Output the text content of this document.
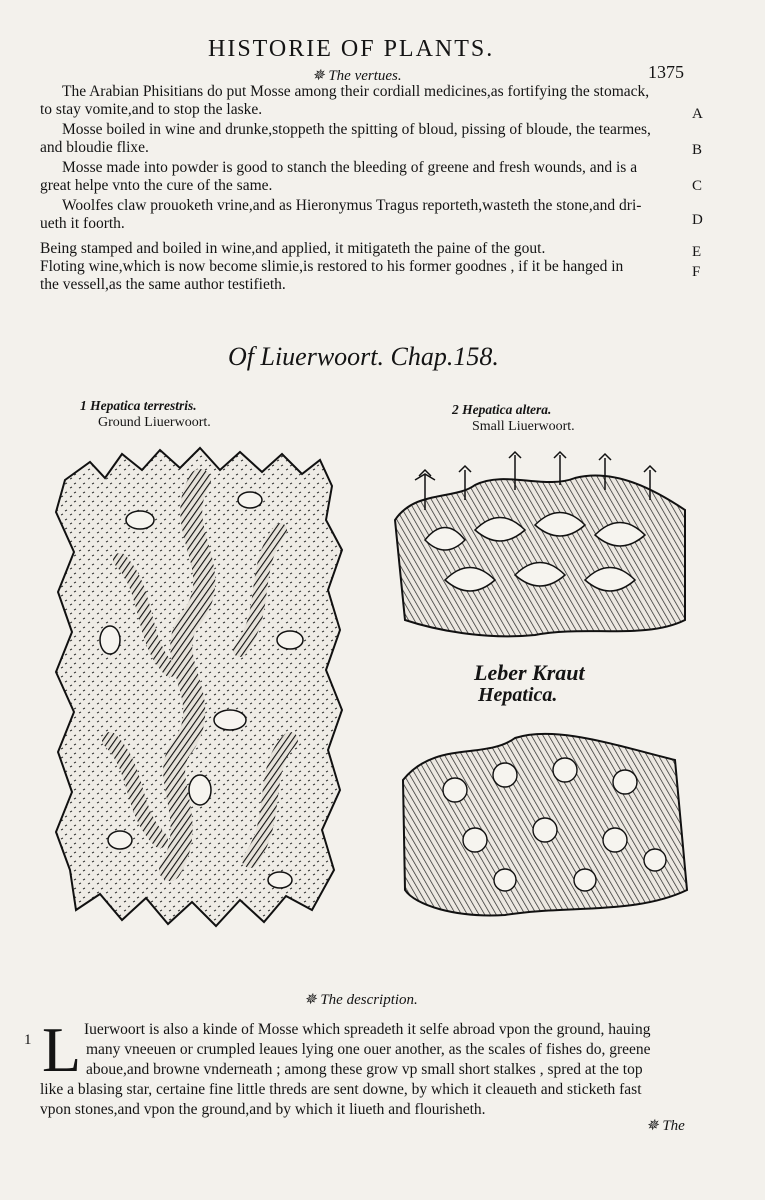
HISTORIE OF PLANTS.
1375
✵ The vertues.
The Arabian Phisitians do put Mosse among their cordiall medicines,as fortifying the stomack,
to stay vomite,and to stop the laske.
Mosse boiled in wine and drunke,stoppeth the spitting of bloud, pissing of bloude, the tearmes,
and bloudie flixe.
Mosse made into powder is good to stanch the bleeding of greene and fresh wounds, and is a
great helpe vnto the cure of the same.
Woolfes claw prouoketh vrine,and as Hieronymus Tragus reporteth,wasteth the stone,and dri-
ueth it foorth.
Being stamped and boiled in wine,and applied, it mitigateth the paine of the gout.
Floting wine,which is now become slimie,is restored to his former goodnes , if it be hanged in
the vessell,as the same author testifieth.
A
B
C
D
E
F
Of Liuerwoort. Chap.158.
1 Hepatica terrestris.
Ground Liuerwoort.
2 Hepatica altera.
Small Liuerwoort.
Leber Kraut
Hepatica.
✵ The description.
1 L Iuerwoort is also a kinde of Mosse which spreadeth it selfe abroad vpon the ground, hauing
many vneeuen or crumpled leaues lying one ouer another, as the scales of fishes do, greene
aboue,and browne vnderneath ; among these grow vp small short stalkes , spred at the top
like a blasing star, certaine fine little threds are sent downe, by which it cleaueth and sticketh fast
vpon stones,and vpon the ground,and by which it liueth and flourisheth.
✵ The
